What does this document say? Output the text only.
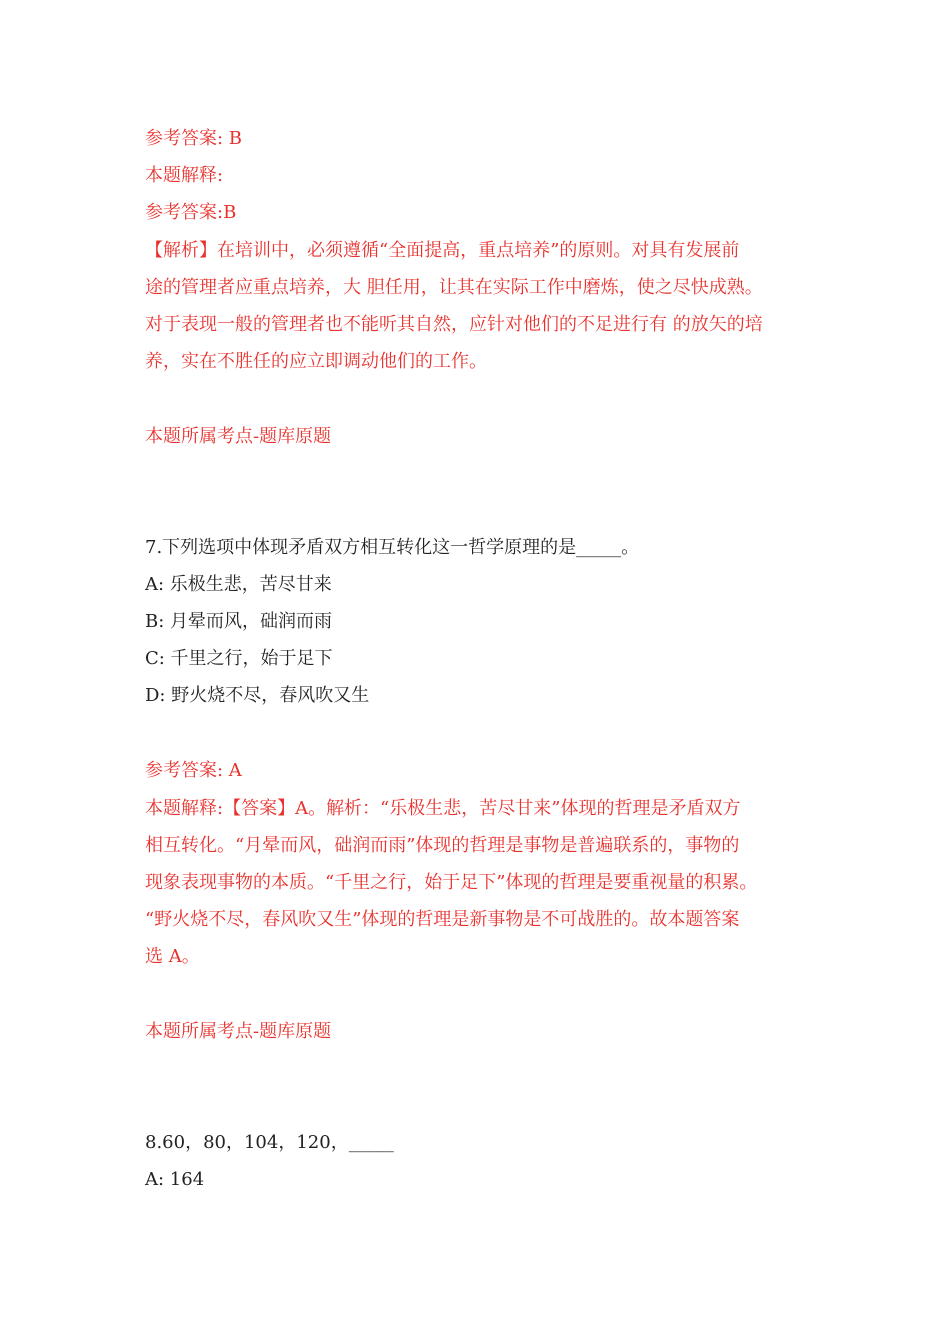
参考答案: B
本题解释:
参考答案:B
【解析】在培训中，必须遵循“全面提高，重点培养”的原则。对具有发展前
途的管理者应重点培养，大 胆任用，让其在实际工作中磨炼，使之尽快成熟。
对于表现一般的管理者也不能听其自然，应针对他们的不足进行有 的放矢的培
养，实在不胜任的应立即调动他们的工作。
本题所属考点-题库原题
7.下列选项中体现矛盾双方相互转化这一哲学原理的是_____。
A: 乐极生悲，苦尽甘来
B: 月晕而风，础润而雨
C: 千里之行，始于足下
D: 野火烧不尽，春风吹又生
参考答案: A
本题解释:【答案】A。解析：“乐极生悲，苦尽甘来”体现的哲理是矛盾双方
相互转化。“月晕而风，础润而雨”体现的哲理是事物是普遍联系的，事物的
现象表现事物的本质。“千里之行，始于足下”体现的哲理是要重视量的积累。
“野火烧不尽，春风吹又生”体现的哲理是新事物是不可战胜的。故本题答案
选 A。
本题所属考点-题库原题
8.60，80，104，120，_____
A: 164
